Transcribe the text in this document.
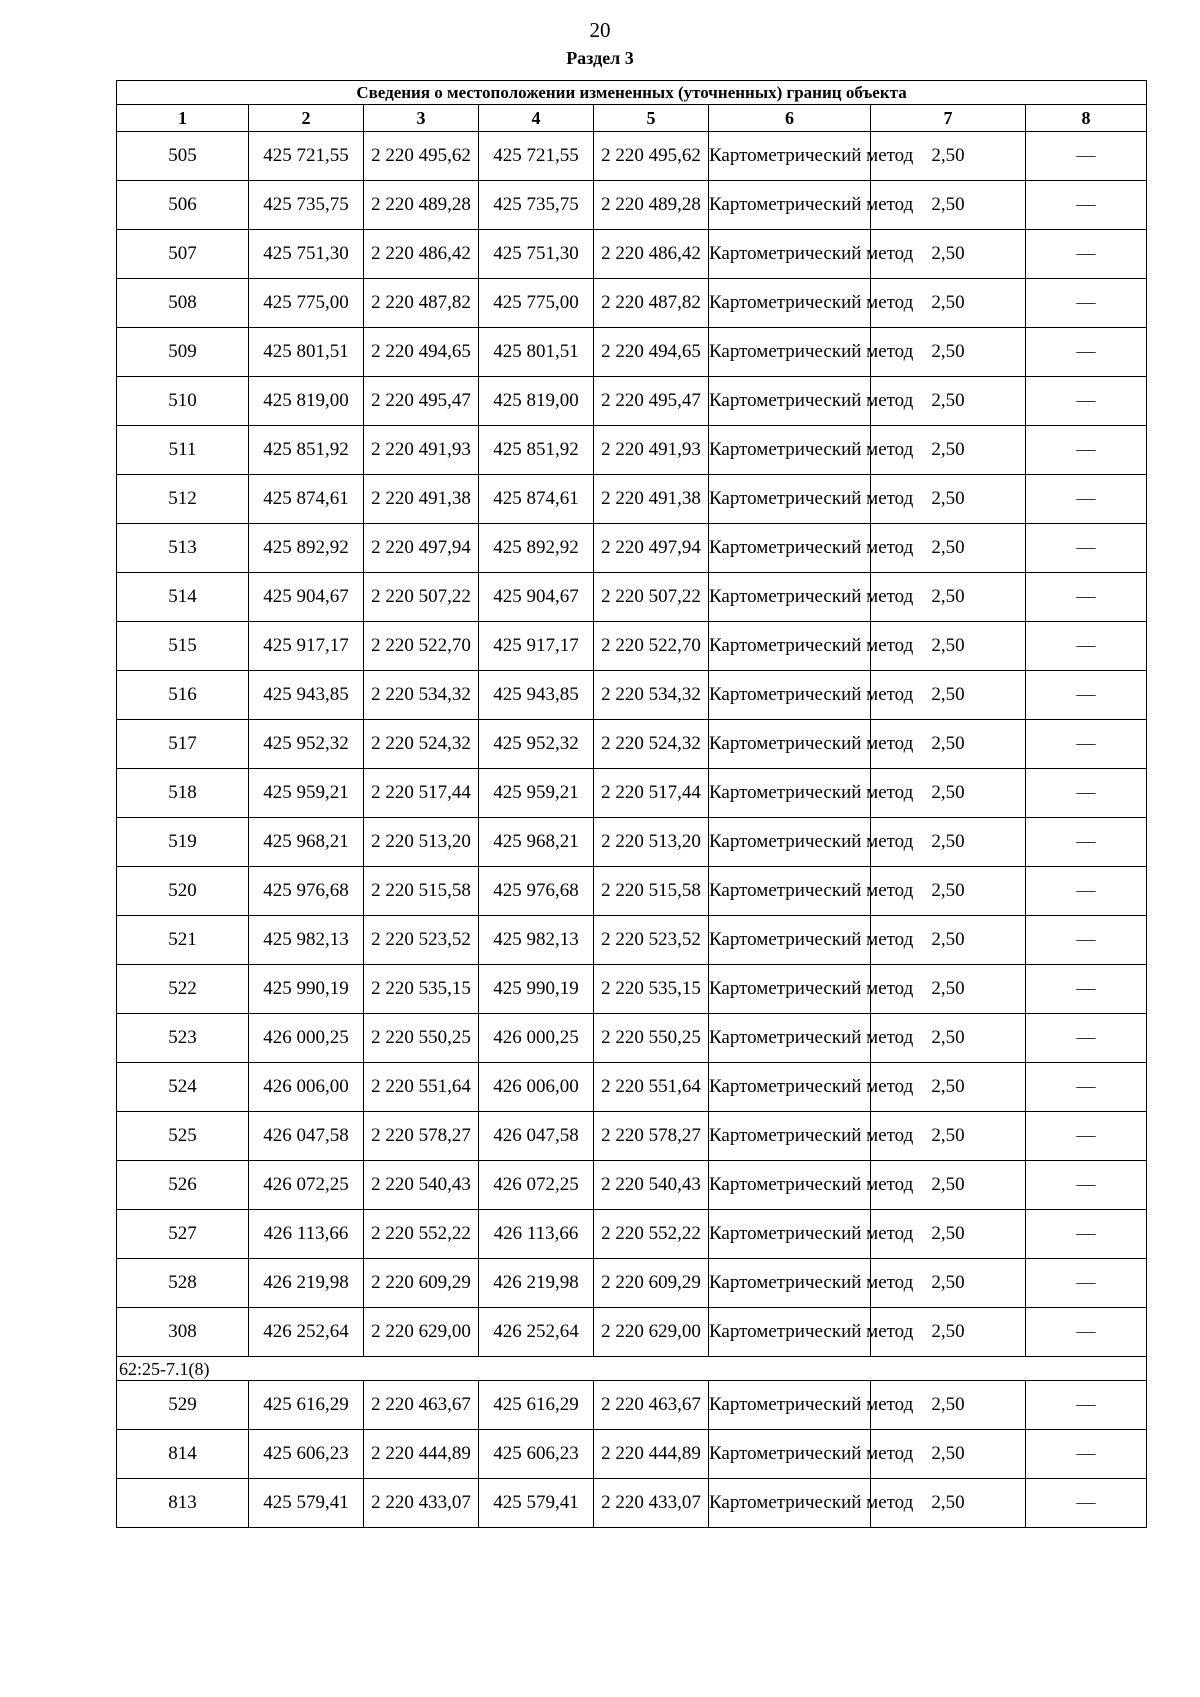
20
Раздел 3
Сведения о местоположении измененных (уточненных) границ объекта							
1	2	3	4	5	6	7	8
505	425 721,55	2 220 495,62	425 721,55	2 220 495,62	Картометрический метод	2,50	—
506	425 735,75	2 220 489,28	425 735,75	2 220 489,28	Картометрический метод	2,50	—
507	425 751,30	2 220 486,42	425 751,30	2 220 486,42	Картометрический метод	2,50	—
508	425 775,00	2 220 487,82	425 775,00	2 220 487,82	Картометрический метод	2,50	—
509	425 801,51	2 220 494,65	425 801,51	2 220 494,65	Картометрический метод	2,50	—
510	425 819,00	2 220 495,47	425 819,00	2 220 495,47	Картометрический метод	2,50	—
511	425 851,92	2 220 491,93	425 851,92	2 220 491,93	Картометрический метод	2,50	—
512	425 874,61	2 220 491,38	425 874,61	2 220 491,38	Картометрический метод	2,50	—
513	425 892,92	2 220 497,94	425 892,92	2 220 497,94	Картометрический метод	2,50	—
514	425 904,67	2 220 507,22	425 904,67	2 220 507,22	Картометрический метод	2,50	—
515	425 917,17	2 220 522,70	425 917,17	2 220 522,70	Картометрический метод	2,50	—
516	425 943,85	2 220 534,32	425 943,85	2 220 534,32	Картометрический метод	2,50	—
517	425 952,32	2 220 524,32	425 952,32	2 220 524,32	Картометрический метод	2,50	—
518	425 959,21	2 220 517,44	425 959,21	2 220 517,44	Картометрический метод	2,50	—
519	425 968,21	2 220 513,20	425 968,21	2 220 513,20	Картометрический метод	2,50	—
520	425 976,68	2 220 515,58	425 976,68	2 220 515,58	Картометрический метод	2,50	—
521	425 982,13	2 220 523,52	425 982,13	2 220 523,52	Картометрический метод	2,50	—
522	425 990,19	2 220 535,15	425 990,19	2 220 535,15	Картометрический метод	2,50	—
523	426 000,25	2 220 550,25	426 000,25	2 220 550,25	Картометрический метод	2,50	—
524	426 006,00	2 220 551,64	426 006,00	2 220 551,64	Картометрический метод	2,50	—
525	426 047,58	2 220 578,27	426 047,58	2 220 578,27	Картометрический метод	2,50	—
526	426 072,25	2 220 540,43	426 072,25	2 220 540,43	Картометрический метод	2,50	—
527	426 113,66	2 220 552,22	426 113,66	2 220 552,22	Картометрический метод	2,50	—
528	426 219,98	2 220 609,29	426 219,98	2 220 609,29	Картометрический метод	2,50	—
308	426 252,64	2 220 629,00	426 252,64	2 220 629,00	Картометрический метод	2,50	—
62:25-7.1(8)							
529	425 616,29	2 220 463,67	425 616,29	2 220 463,67	Картометрический метод	2,50	—
814	425 606,23	2 220 444,89	425 606,23	2 220 444,89	Картометрический метод	2,50	—
813	425 579,41	2 220 433,07	425 579,41	2 220 433,07	Картометрический метод	2,50	—
